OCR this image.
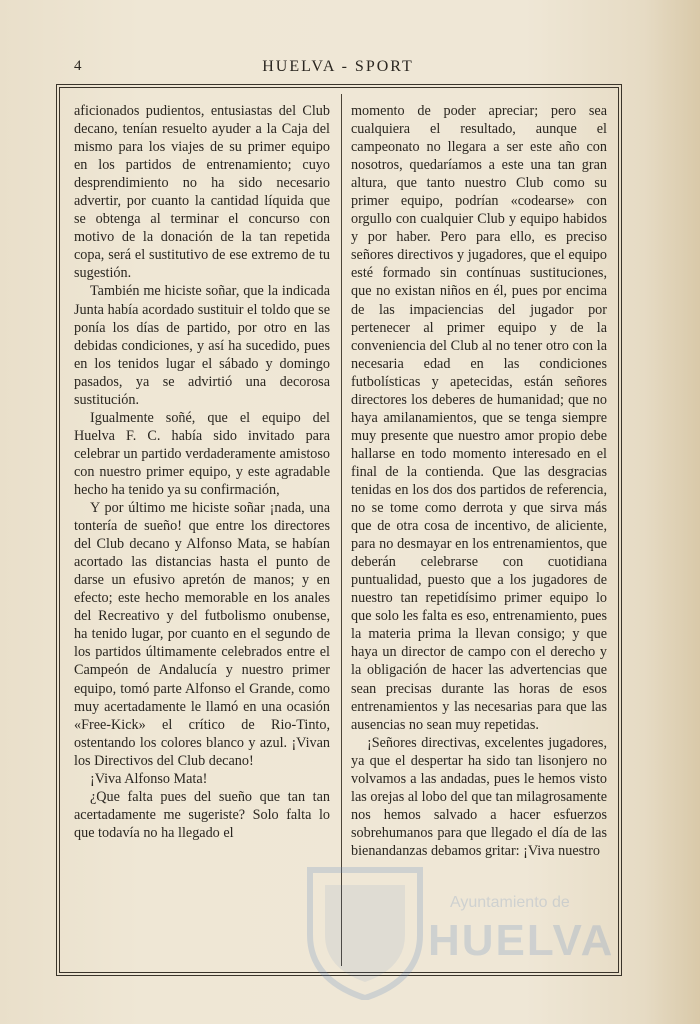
4	HUELVA - SPORT

aficionados pudientos, entusiastas del Club decano, tenían resuelto ayuder a la Caja del mismo para los viajes de su primer equipo en los partidos de entrenamiento; cuyo desprendimiento no ha sido necesario advertir, por cuanto la cantidad líquida que se obtenga al terminar el concurso con motivo de la donación de la tan repetida copa, será el sustitutivo de ese extremo de tu sugestión.

También me hiciste soñar, que la indicada Junta había acordado sustituir el toldo que se ponía los días de partido, por otro en las debidas condiciones, y así ha sucedido, pues en los tenidos lugar el sábado y domingo pasados, ya se advirtió una decorosa sustitución.

Igualmente soñé, que el equipo del Huelva F. C. había sido invitado para celebrar un partido verdaderamente amistoso con nuestro primer equipo, y este agradable hecho ha tenido ya su confirmación,

Y por último me hiciste soñar ¡nada, una tontería de sueño! que entre los directores del Club decano y Alfonso Mata, se habían acortado las distancias hasta el punto de darse un efusivo apretón de manos; y en efecto; este hecho memorable en los anales del Recreativo y del futbolismo onubense, ha tenido lugar, por cuanto en el segundo de los partidos últimamente celebrados entre el Campeón de Andalucía y nuestro primer equipo, tomó parte Alfonso el Grande, como muy acertadamente le llamó en una ocasión «Free-Kick» el crítico de Rio-Tinto, ostentando los colores blanco y azul. ¡Vivan los Directivos del Club decano!

¡Viva Alfonso Mata!

¿Que falta pues del sueño que tan tan acertadamente me sugeriste? Solo falta lo que todavía no ha llegado el

momento de poder apreciar; pero sea cualquiera el resultado, aunque el campeonato no llegara a ser este año con nosotros, quedaríamos a este una tan gran altura, que tanto nuestro Club como su primer equipo, podrían «codearse» con orgullo con cualquier Club y equipo habidos y por haber. Pero para ello, es preciso señores directivos y jugadores, que el equipo esté formado sin contínuas sustituciones, que no existan niños en él, pues por encima de las impaciencias del jugador por pertenecer al primer equipo y de la conveniencia del Club al no tener otro con la necesaria edad en las condiciones futbolísticas y apetecidas, están señores directores los deberes de humanidad; que no haya amilanamientos, que se tenga siempre muy presente que nuestro amor propio debe hallarse en todo momento interesado en el final de la contienda. Que las desgracias tenidas en los dos dos partidos de referencia, no se tome como derrota y que sirva más que de otra cosa de incentivo, de aliciente, para no desmayar en los entrenamientos, que deberán celebrarse con cuotidiana puntualidad, puesto que a los jugadores de nuestro tan repetidísimo primer equipo lo que solo les falta es eso, entrenamiento, pues la materia prima la llevan consigo; y que haya un director de campo con el derecho y la obligación de hacer las advertencias que sean precisas durante las horas de esos entrenamientos y las necesarias para que las ausencias no sean muy repetidas.

¡Señores directivas, excelentes jugadores, ya que el despertar ha sido tan lisonjero no volvamos a las andadas, pues le hemos visto las orejas al lobo del que tan milagrosamente nos hemos salvado a hacer esfuerzos sobrehumanos para que llegado el día de las bienandanzas debamos gritar: ¡Viva nuestro

Ayuntamiento de
HUELVA
